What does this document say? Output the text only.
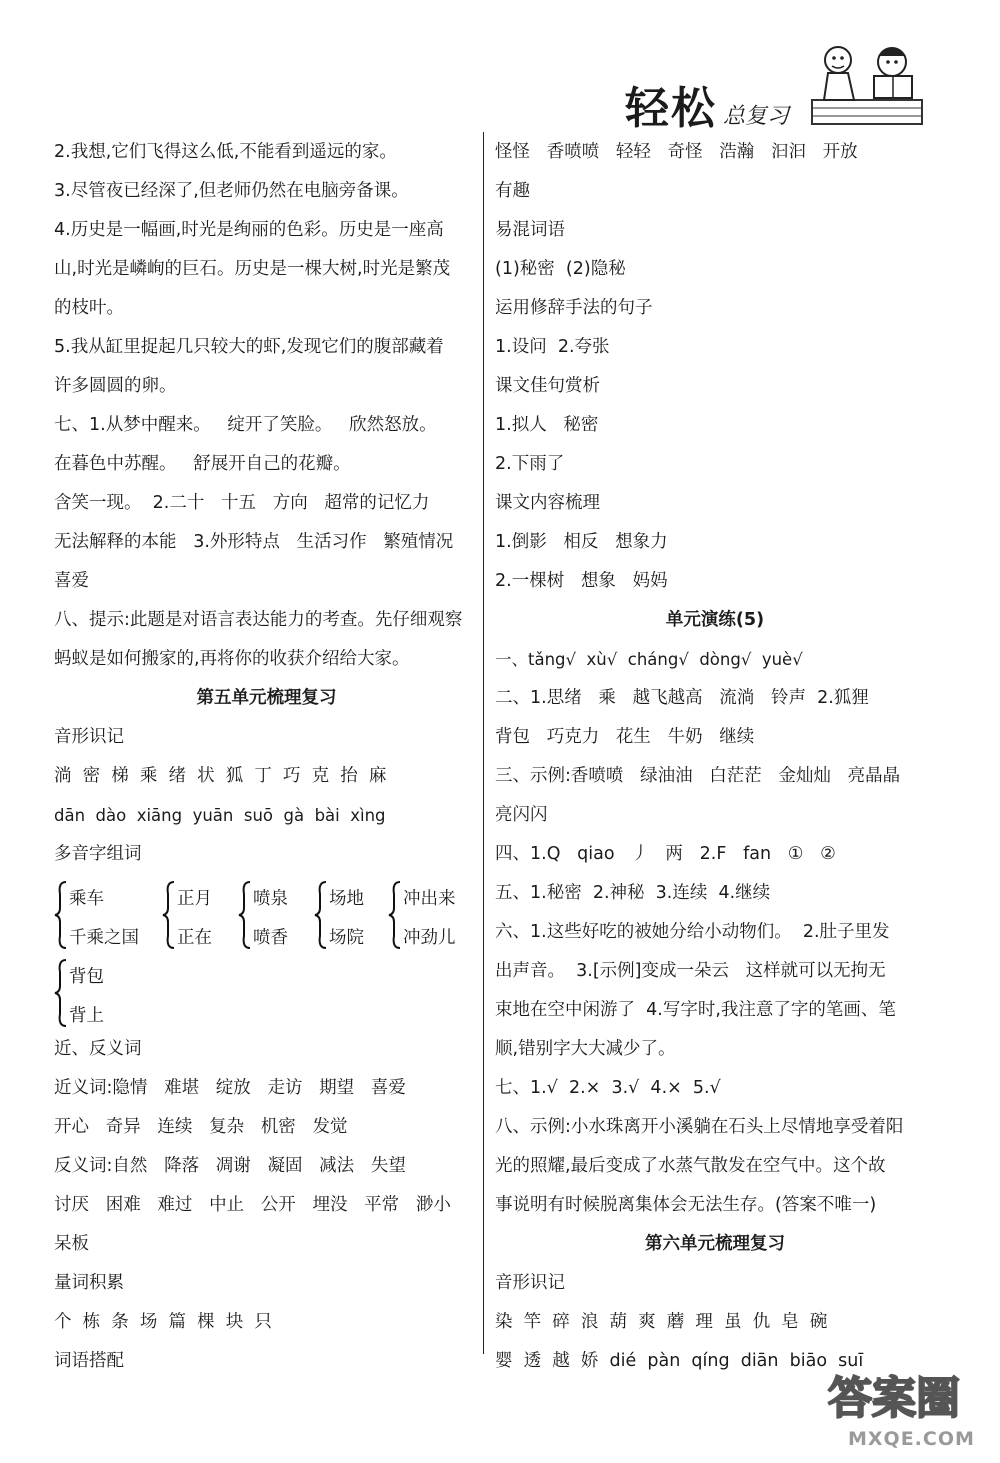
轻松 总复习
2.我想,它们飞得这么低,不能看到遥远的家。
3.尽管夜已经深了,但老师仍然在电脑旁备课。
4.历史是一幅画,时光是绚丽的色彩。历史是一座高
山,时光是嶙峋的巨石。历史是一棵大树,时光是繁茂
的枝叶。
5.我从缸里捉起几只较大的虾,发现它们的腹部藏着
许多圆圆的卵。
七、1.从梦中醒来。   绽开了笑脸。   欣然怒放。
在暮色中苏醒。   舒展开自己的花瓣。
含笑一现。  2.二十   十五   方向   超常的记忆力
无法解释的本能   3.外形特点   生活习作   繁殖情况
喜爱
八、提示:此题是对语言表达能力的考查。先仔细观察
蚂蚁是如何搬家的,再将你的收获介绍给大家。
第五单元梳理复习
音形识记
淌  密  梯  乘  绪  状  狐  丁  巧  克  抬  麻
dān  dào  xiāng  yuān  suō  gà  bài  xìng
多音字组词
乘车
千乘之国
正月
正在
喷泉
喷香
场地
场院
冲出来
冲劲儿
背包
背上
近、反义词
近义词:隐情   难堪   绽放   走访   期望   喜爱
开心   奇异   连续   复杂   机密   发觉
反义词:自然   降落   凋谢   凝固   减法   失望
讨厌   困难   难过   中止   公开   埋没   平常   渺小
呆板
量词积累
个  栋  条  场  篇  棵  块  只
词语搭配
怪怪   香喷喷   轻轻   奇怪   浩瀚   汩汩   开放
有趣
易混词语
(1)秘密  (2)隐秘
运用修辞手法的句子
1.设问  2.夸张
课文佳句赏析
1.拟人   秘密
2.下雨了
课文内容梳理
1.倒影   相反   想象力
2.一棵树   想象   妈妈
单元演练(5)
一、tǎng√  xù√  cháng√  dòng√  yuè√
二、1.思绪   乘   越飞越高   流淌   铃声  2.狐狸
背包   巧克力   花生   牛奶   继续
三、示例:香喷喷   绿油油   白茫茫   金灿灿   亮晶晶
亮闪闪
四、1.Q   qiao   丿   两   2.F   fan   ①   ②
五、1.秘密  2.神秘  3.连续  4.继续
六、1.这些好吃的被她分给小动物们。  2.肚子里发
出声音。  3.[示例]变成一朵云   这样就可以无拘无
束地在空中闲游了  4.写字时,我注意了字的笔画、笔
顺,错别字大大减少了。
七、1.√  2.×  3.√  4.×  5.√
八、示例:小水珠离开小溪躺在石头上尽情地享受着阳
光的照耀,最后变成了水蒸气散发在空气中。这个故
事说明有时候脱离集体会无法生存。(答案不唯一)
第六单元梳理复习
音形识记
染  竿  碎  浪  葫  爽  蘑  理  虽  仇  皂  碗
婴  透  越  娇  dié  pàn  qíng  diān  biāo  suī
答案圈
MXQE.COM
